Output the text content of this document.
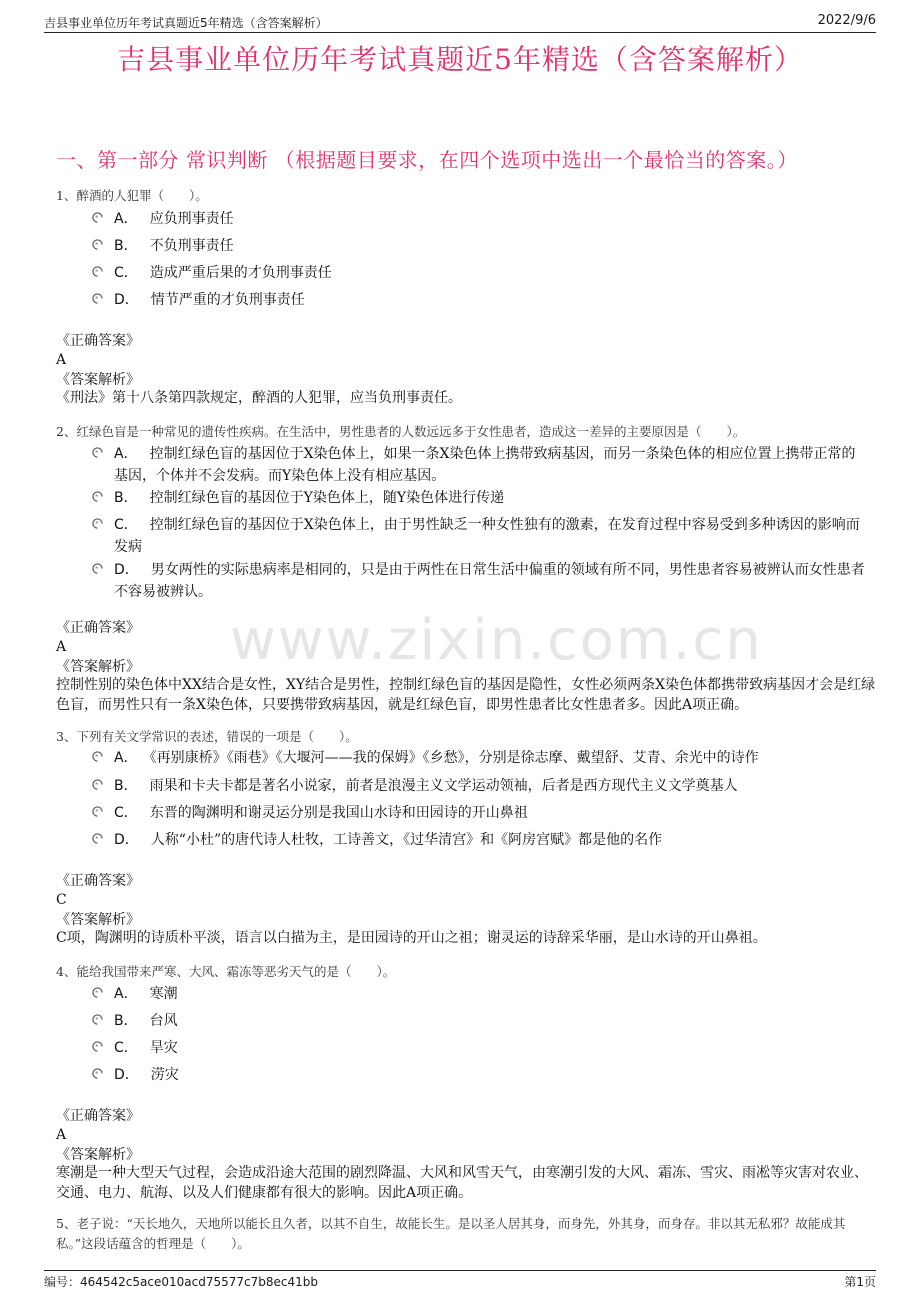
吉县事业单位历年考试真题近5年精选（含答案解析）	2022/9/6
吉县事业单位历年考试真题近5年精选（含答案解析）
一、第一部分 常识判断 （根据题目要求，在四个选项中选出一个最恰当的答案。）
www.zixin.com.cn
1、醉酒的人犯罪（　　）。
A． 应负刑事责任
B． 不负刑事责任
C． 造成严重后果的才负刑事责任
D． 情节严重的才负刑事责任
《正确答案》
A
《答案解析》
《刑法》第十八条第四款规定，醉酒的人犯罪，应当负刑事责任。
2、红绿色盲是一种常见的遗传性疾病。在生活中，男性患者的人数远远多于女性患者，造成这一差异的主要原因是（　　）。
A． 控制红绿色盲的基因位于X染色体上，如果一条X染色体上携带致病基因，而另一条染色体的相应位置上携带正常的基因，个体并不会发病。而Y染色体上没有相应基因。
B． 控制红绿色盲的基因位于Y染色体上，随Y染色体进行传递
C． 控制红绿色盲的基因位于X染色体上，由于男性缺乏一种女性独有的激素，在发育过程中容易受到多种诱因的影响而发病
D． 男女两性的实际患病率是相同的，只是由于两性在日常生活中偏重的领域有所不同，男性患者容易被辨认而女性患者不容易被辨认。
《正确答案》
A
《答案解析》
控制性别的染色体中XX结合是女性，XY结合是男性，控制红绿色盲的基因是隐性，女性必须两条X染色体都携带致病基因才会是红绿色盲，而男性只有一条X染色体，只要携带致病基因，就是红绿色盲，即男性患者比女性患者多。因此A项正确。
3、下列有关文学常识的表述，错误的一项是（　　）。
A． 《再别康桥》《雨巷》《大堰河——我的保姆》《乡愁》，分别是徐志摩、戴望舒、艾青、余光中的诗作
B． 雨果和卡夫卡都是著名小说家，前者是浪漫主义文学运动领袖，后者是西方现代主义文学奠基人
C． 东晋的陶渊明和谢灵运分别是我国山水诗和田园诗的开山鼻祖
D． 人称“小杜”的唐代诗人杜牧，工诗善文，《过华清宫》和《阿房宫赋》都是他的名作
《正确答案》
C
《答案解析》
C项，陶渊明的诗质朴平淡，语言以白描为主，是田园诗的开山之祖；谢灵运的诗辞采华丽，是山水诗的开山鼻祖。
4、能给我国带来严寒、大风、霜冻等恶劣天气的是（　　）。
A． 寒潮
B． 台风
C． 旱灾
D． 涝灾
《正确答案》
A
《答案解析》
寒潮是一种大型天气过程，会造成沿途大范围的剧烈降温、大风和风雪天气，由寒潮引发的大风、霜冻、雪灾、雨凇等灾害对农业、交通、电力、航海、以及人们健康都有很大的影响。因此A项正确。
5、老子说：“天长地久，天地所以能长且久者，以其不自生，故能长生。是以圣人居其身，而身先，外其身，而身存。非以其无私邪？故能成其私。”这段话蕴含的哲理是（　　）。
编号：464542c5ace010acd75577c7b8ec41bb	第1页
